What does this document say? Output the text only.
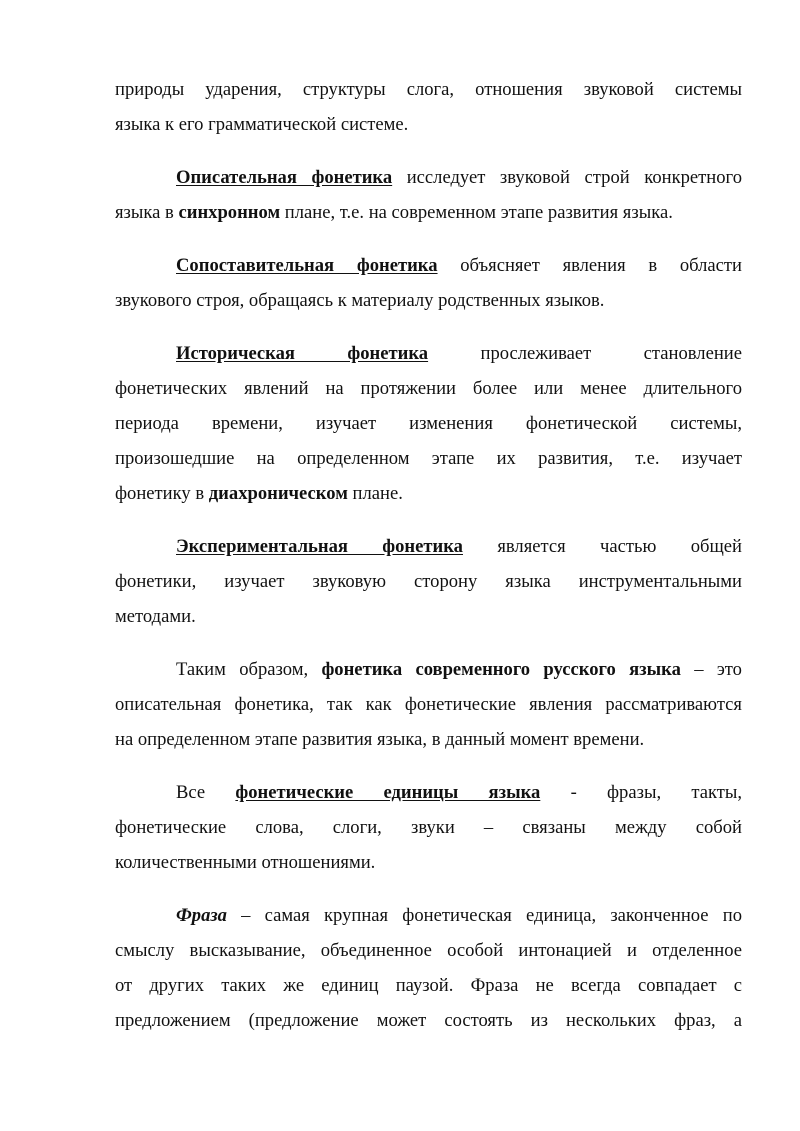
природы ударения, структуры слога, отношения звуковой системы
языка к его грамматической системе.

Описательная фонетика исследует звуковой строй конкретного
языка в синхронном плане, т.е. на современном этапе развития языка.

Сопоставительная фонетика объясняет явления в области
звукового строя, обращаясь к материалу родственных языков.

Историческая фонетика прослеживает становление
фонетических явлений на протяжении более или менее длительного
периода времени, изучает изменения фонетической системы,
произошедшие на определенном этапе их развития, т.е. изучает
фонетику в диахроническом плане.

Экспериментальная фонетика является частью общей
фонетики, изучает звуковую сторону языка инструментальными
методами.

Таким образом, фонетика современного русского языка – это
описательная фонетика, так как фонетические явления рассматриваются
на определенном этапе развития языка, в данный момент времени.

Все фонетические единицы языка - фразы, такты,
фонетические слова, слоги, звуки – связаны между собой
количественными отношениями.

Фраза – самая крупная фонетическая единица, законченное по
смыслу высказывание, объединенное особой интонацией и отделенное
от других таких же единиц паузой. Фраза не всегда совпадает с
предложением (предложение может состоять из нескольких фраз, а
